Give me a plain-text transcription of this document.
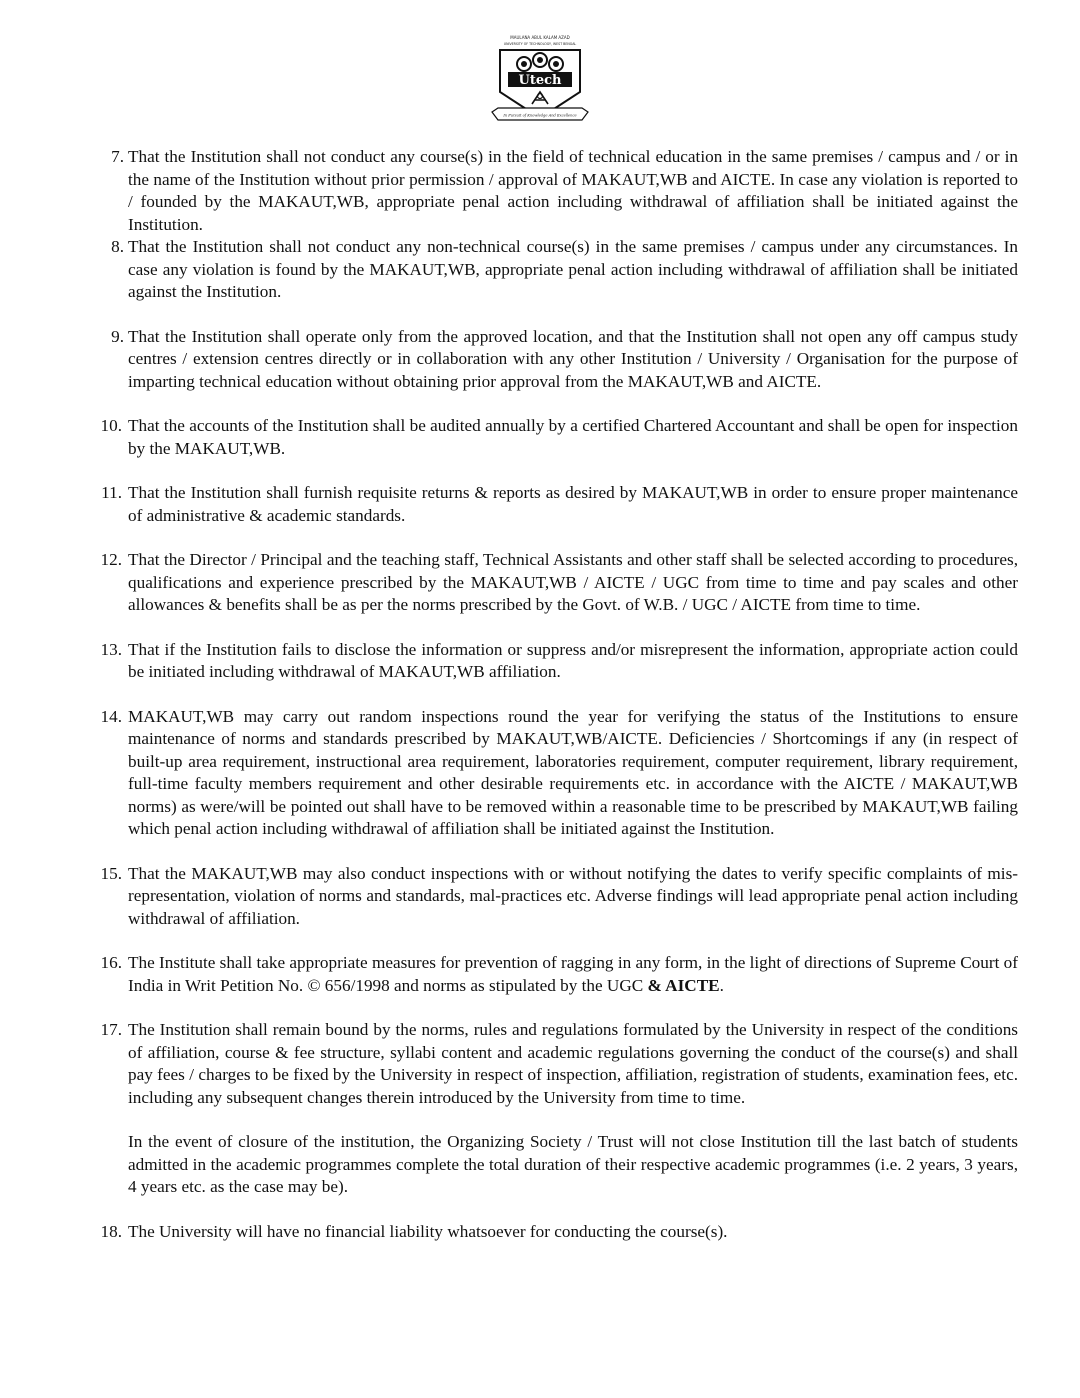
MAULANA ABUL KALAM AZAD
UNIVERSITY OF TECHNOLOGY, WEST BENGAL
Utech
In Pursuit of Knowledge And Excellence
7. That the Institution shall not conduct any course(s) in the field of technical education in the same premises / campus and / or in the name of the Institution without prior permission / approval of MAKAUT,WB and AICTE. In case any violation is reported to / founded by the MAKAUT,WB, appropriate penal action including withdrawal of affiliation shall be initiated against the Institution.
8. That the Institution shall not conduct any non-technical course(s) in the same premises / campus under any circumstances. In case any violation is found by the MAKAUT,WB, appropriate penal action including withdrawal of affiliation shall be initiated against the Institution.
9. That the Institution shall operate only from the approved location, and that the Institution shall not open any off campus study centres / extension centres directly or in collaboration with any other Institution / University / Organisation for the purpose of imparting technical education without obtaining prior approval from the MAKAUT,WB and AICTE.
10. That the accounts of the Institution shall be audited annually by a certified Chartered Accountant and shall be open for inspection by the MAKAUT,WB.
11. That the Institution shall furnish requisite returns & reports as desired by MAKAUT,WB in order to ensure proper maintenance of administrative & academic standards.
12. That the Director / Principal and the teaching staff, Technical Assistants and other staff shall be selected according to procedures, qualifications and experience prescribed by the MAKAUT,WB / AICTE / UGC from time to time and pay scales and other allowances & benefits shall be as per the norms prescribed by the Govt. of W.B. / UGC / AICTE from time to time.
13. That if the Institution fails to disclose the information or suppress and/or misrepresent the information, appropriate action could be initiated including withdrawal of MAKAUT,WB affiliation.
14. MAKAUT,WB may carry out random inspections round the year for verifying the status of the Institutions to ensure maintenance of norms and standards prescribed by MAKAUT,WB/AICTE. Deficiencies / Shortcomings if any (in respect of built-up area requirement, instructional area requirement, laboratories requirement, computer requirement, library requirement, full-time faculty members requirement and other desirable requirements etc. in accordance with the AICTE / MAKAUT,WB norms) as were/will be pointed out shall have to be removed within a reasonable time to be prescribed by MAKAUT,WB failing which penal action including withdrawal of affiliation shall be initiated against the Institution.
15. That the MAKAUT,WB may also conduct inspections with or without notifying the dates to verify specific complaints of mis-representation, violation of norms and standards, mal-practices etc. Adverse findings will lead appropriate penal action including withdrawal of affiliation.
16. The Institute shall take appropriate measures for prevention of ragging in any form, in the light of directions of Supreme Court of India in Writ Petition No. © 656/1998 and norms as stipulated by the UGC & AICTE.
17. The Institution shall remain bound by the norms, rules and regulations formulated by the University in respect of the conditions of affiliation, course & fee structure, syllabi content and academic regulations governing the conduct of the course(s) and shall pay fees / charges to be fixed by the University in respect of inspection, affiliation, registration of students, examination fees, etc. including any subsequent changes therein introduced by the University from time to time.
In the event of closure of the institution, the Organizing Society / Trust will not close Institution till the last batch of students admitted in the academic programmes complete the total duration of their respective academic programmes (i.e. 2 years, 3 years, 4 years etc. as the case may be).
18. The University will have no financial liability whatsoever for conducting the course(s).
